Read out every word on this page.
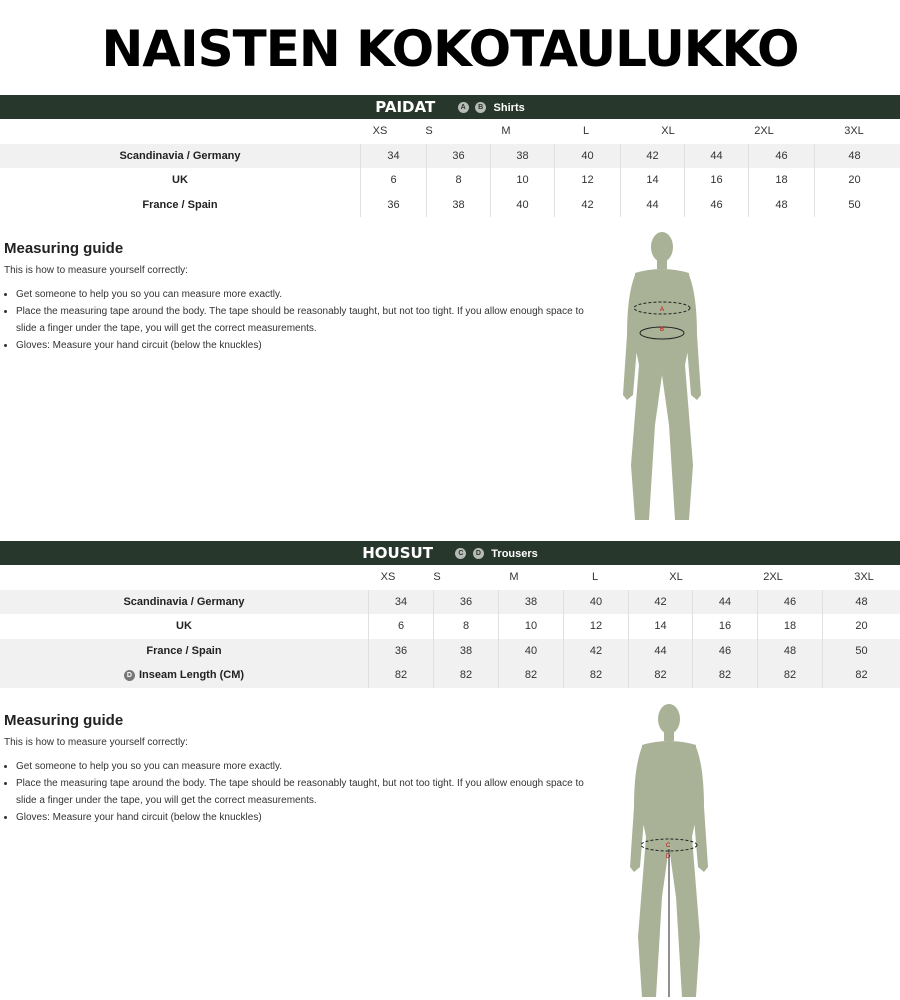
NAISTEN KOKOTAULUKKO
PAIDAT	A B Shirts
XS	S	M	L	XL	2XL	3XL
Scandinavia / Germany	34	36	38	40	42	44	46	48
UK	6	8	10	12	14	16	18	20
France / Spain	36	38	40	42	44	46	48	50
Measuring guide
This is how to measure yourself correctly:
• Get someone to help you so you can measure more exactly.
• Place the measuring tape around the body. The tape should be reasonably taught, but not too tight. If you allow enough space to slide a finger under the tape, you will get the correct measurements.
• Gloves: Measure your hand circuit (below the knuckles)
A
B
HOUSUT	C D Trousers
XS	S	M	L	XL	2XL	3XL
Scandinavia / Germany	34	36	38	40	42	44	46	48
UK	6	8	10	12	14	16	18	20
France / Spain	36	38	40	42	44	46	48	50
D Inseam Length (CM)	82	82	82	82	82	82	82	82
Measuring guide
This is how to measure yourself correctly:
• Get someone to help you so you can measure more exactly.
• Place the measuring tape around the body. The tape should be reasonably taught, but not too tight. If you allow enough space to slide a finger under the tape, you will get the correct measurements.
• Gloves: Measure your hand circuit (below the knuckles)
C
D
